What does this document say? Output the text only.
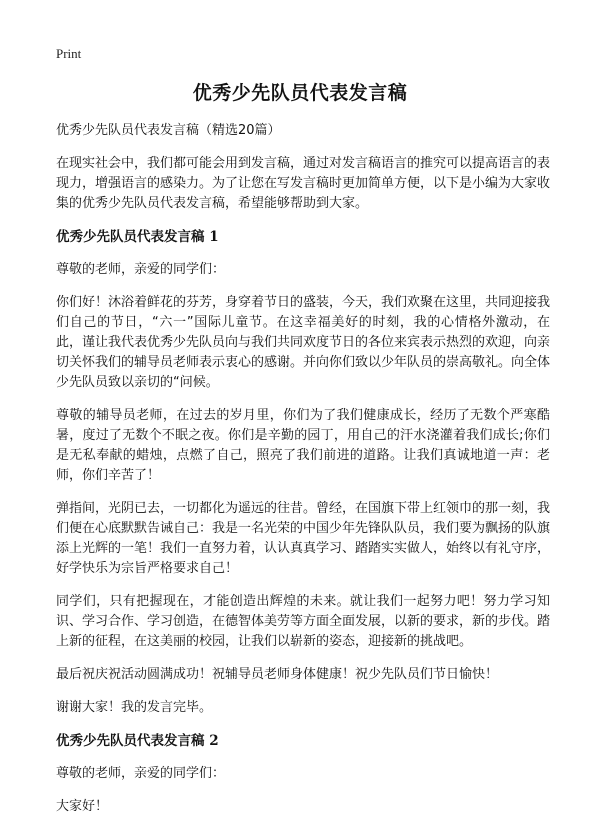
Print
优秀少先队员代表发言稿
优秀少先队员代表发言稿（精选20篇）

在现实社会中，我们都可能会用到发言稿，通过对发言稿语言的推究可以提高语言的表现力，增强语言的感染力。为了让您在写发言稿时更加简单方便，以下是小编为大家收集的优秀少先队员代表发言稿，希望能够帮助到大家。

优秀少先队员代表发言稿 1

尊敬的老师，亲爱的同学们：

你们好！沐浴着鲜花的芬芳，身穿着节日的盛装，今天，我们欢聚在这里，共同迎接我们自己的节日，“六一”国际儿童节。在这幸福美好的时刻，我的心情格外激动，在此，谨让我代表优秀少先队员向与我们共同欢度节日的各位来宾表示热烈的欢迎，向亲切关怀我们的辅导员老师表示衷心的感谢。并向你们致以少年队员的崇高敬礼。向全体少先队员致以亲切的“问候。

尊敬的辅导员老师，在过去的岁月里，你们为了我们健康成长，经历了无数个严寒酷暑，度过了无数个不眠之夜。你们是辛勤的园丁，用自己的汗水浇灌着我们成长;你们是无私奉献的蜡烛，点燃了自己，照亮了我们前进的道路。让我们真诚地道一声：老师，你们辛苦了！

弹指间，光阴已去，一切都化为遥远的往昔。曾经，在国旗下带上红领巾的那一刻，我们便在心底默默告诫自己：我是一名光荣的中国少年先锋队队员，我们要为飘扬的队旗添上光辉的一笔！我们一直努力着，认认真真学习、踏踏实实做人，始终以有礼守序，好学快乐为宗旨严格要求自己！

同学们，只有把握现在，才能创造出辉煌的未来。就让我们一起努力吧！努力学习知识、学习合作、学习创造，在德智体美劳等方面全面发展，以新的要求，新的步伐。踏上新的征程，在这美丽的校园，让我们以崭新的姿态，迎接新的挑战吧。

最后祝庆祝活动圆满成功！祝辅导员老师身体健康！祝少先队员们节日愉快！

谢谢大家！我的发言完毕。

优秀少先队员代表发言稿 2

尊敬的老师，亲爱的同学们：

大家好！
